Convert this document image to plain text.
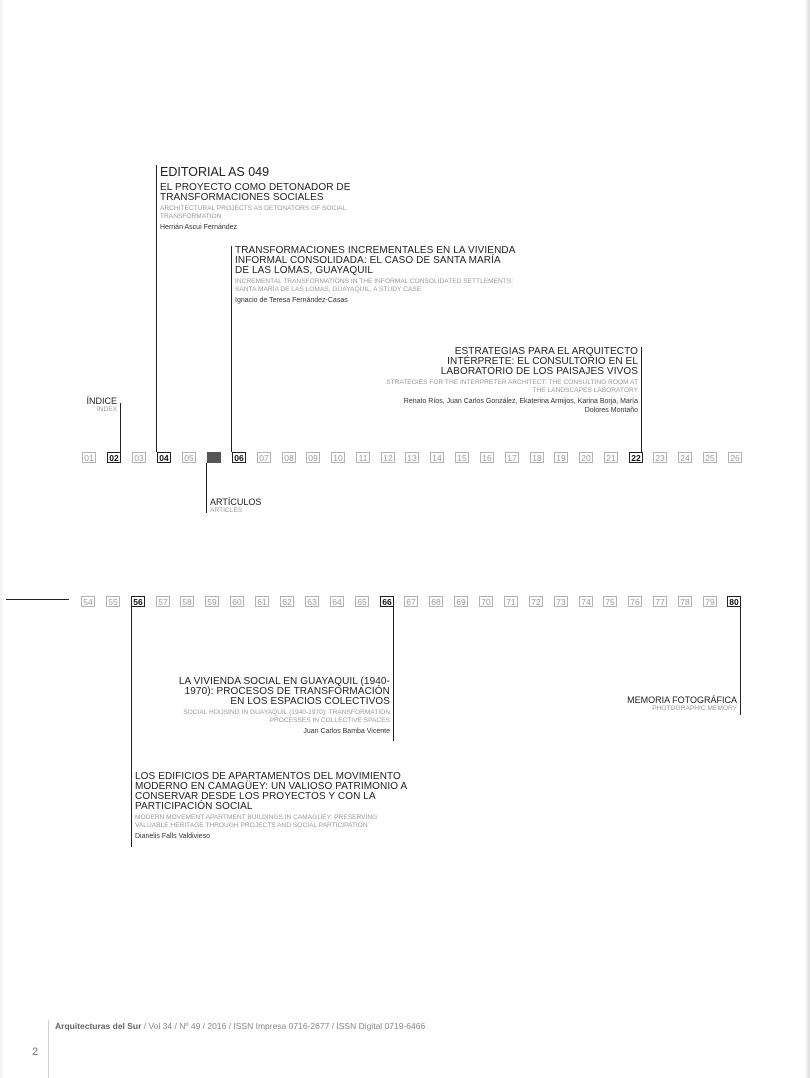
EDITORIAL AS 049
EL PROYECTO COMO DETONADOR DE TRANSFORMACIONES SOCIALES
ARCHITECTURAL PROJECTS AS DETONATORS OF SOCIAL TRANSFORMATION
Hernán Ascui Fernández
TRANSFORMACIONES INCREMENTALES EN LA VIVIENDA INFORMAL CONSOLIDADA: EL CASO DE SANTA MARÍA DE LAS LOMAS, GUAYAQUIL
INCREMENTAL TRANSFORMATIONS IN THE INFORMAL CONSOLIDATED SETTLEMENTS: SANTA MARÍA DE LAS LOMAS, GUAYAQUIL, A STUDY CASE
Ignacio de Teresa Fernández-Casas
ESTRATEGIAS PARA EL ARQUITECTO INTÉRPRETE: EL CONSULTORIO EN EL LABORATORIO DE LOS PAISAJES VIVOS
STRATEGIES FOR THE INTERPRETER ARCHITECT: THE CONSULTING ROOM AT THE LANDSCAPES LABORATORY
Renato Ríos, Juan Carlos González, Ekaterina Armijos, Karina Borja, María Dolores Montaño
ÍNDICE
INDEX
01 02 03 04 05	06 07 08 09 10	11	12 13 14 15 16 17 18 19 20 21 22 23 24 25 26
ARTÍCULOS
ARTICLES
54 55 56 57 58 59 60 61 62 63 64 65 66 67 68 69 70 71 72 73 74 75 76 77 78 79 80
LA VIVIENDA SOCIAL EN GUAYAQUIL (1940-1970): PROCESOS DE TRANSFORMACIÓN EN LOS ESPACIOS COLECTIVOS
SOCIAL HOUSING IN GUAYAQUIL (1940-1970): TRANSFORMATION PROCESSES IN COLLECTIVE SPACES
Juan Carlos Bamba Vicente
MEMORIA FOTOGRÁFICA
PHOTOGRAPHIC MEMORY
LOS EDIFICIOS DE APARTAMENTOS DEL MOVIMIENTO MODERNO EN CAMAGÜEY: UN VALIOSO PATRIMONIO A CONSERVAR DESDE LOS PROYECTOS Y CON LA PARTICIPACIÓN SOCIAL
MODERN MOVEMENT APARTMENT BUILDINGS IN CAMAGÜEY: PRESERVING VALUABLE HERITAGE THROUGH PROJECTS AND SOCIAL PARTICIPATION
Dianelis Falls Valdivieso
Arquitecturas del Sur / Vol 34 / Nº 49 / 2016 / ISSN Impresa 0716-2677 / ISSN Digital 0719-6466
2
